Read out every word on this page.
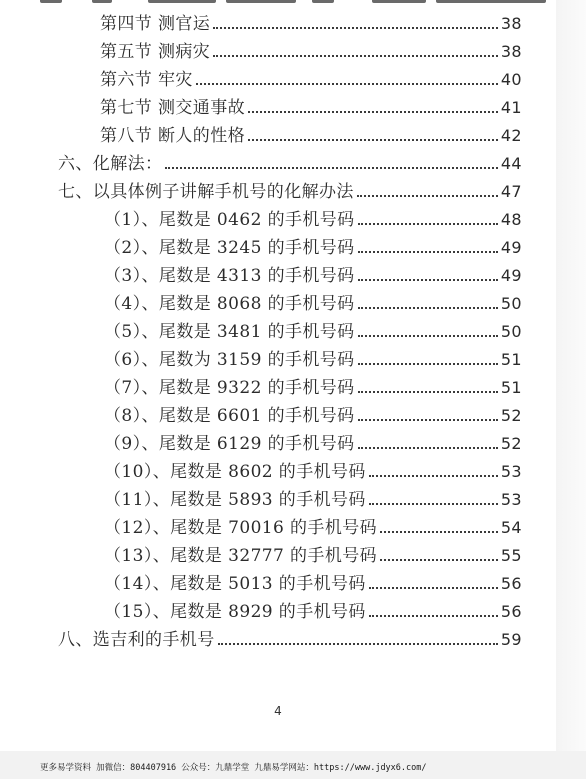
第四节 测官运	38
第五节 测病灾	38
第六节 牢灾	40
第七节 测交通事故	41
第八节 断人的性格	42
六、化解法：	44
七、以具体例子讲解手机号的化解办法	47
（1）、尾数是 0462 的手机号码	48
（2）、尾数是 3245 的手机号码	49
（3）、尾数是 4313 的手机号码	49
（4）、尾数是 8068 的手机号码	50
（5）、尾数是 3481 的手机号码	50
（6）、尾数为 3159 的手机号码	51
（7）、尾数是 9322 的手机号码	51
（8）、尾数是 6601 的手机号码	52
（9）、尾数是 6129 的手机号码	52
（10）、尾数是 8602 的手机号码	53
（11）、尾数是 5893 的手机号码	53
（12）、尾数是 70016 的手机号码	54
（13）、尾数是 32777 的手机号码	55
（14）、尾数是 5013 的手机号码	56
（15）、尾数是 8929 的手机号码	56
八、选吉利的手机号	59
4
更多易学资料 加微信：804407916 公众号：九鼎学堂 九鼎易学网站：https://www.jdyx6.com/
